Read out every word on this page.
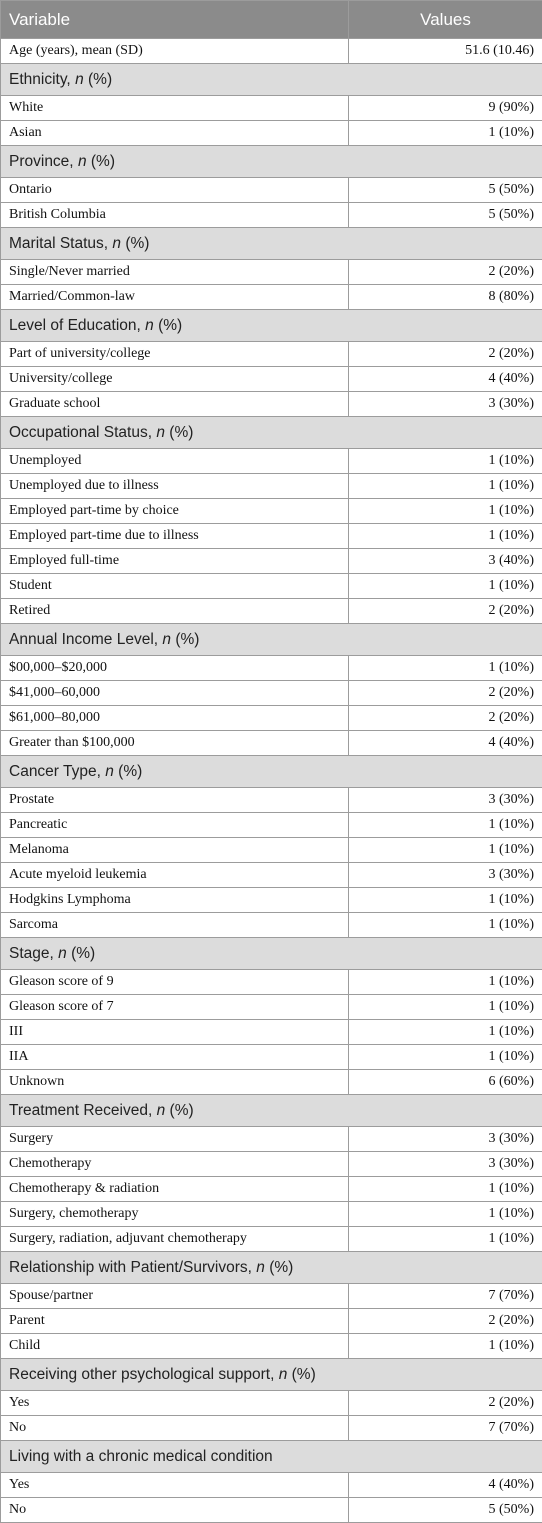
Variable	Values
Age (years), mean (SD)	51.6 (10.46)
Ethnicity, n (%)	
White	9 (90%)
Asian	1 (10%)
Province, n (%)	
Ontario	5 (50%)
British Columbia	5 (50%)
Marital Status, n (%)	
Single/Never married	2 (20%)
Married/Common-law	8 (80%)
Level of Education, n (%)	
Part of university/college	2 (20%)
University/college	4 (40%)
Graduate school	3 (30%)
Occupational Status, n (%)	
Unemployed	1 (10%)
Unemployed due to illness	1 (10%)
Employed part-time by choice	1 (10%)
Employed part-time due to illness	1 (10%)
Employed full-time	3 (40%)
Student	1 (10%)
Retired	2 (20%)
Annual Income Level, n (%)	
$00,000–$20,000	1 (10%)
$41,000–60,000	2 (20%)
$61,000–80,000	2 (20%)
Greater than $100,000	4 (40%)
Cancer Type, n (%)	
Prostate	3 (30%)
Pancreatic	1 (10%)
Melanoma	1 (10%)
Acute myeloid leukemia	3 (30%)
Hodgkins Lymphoma	1 (10%)
Sarcoma	1 (10%)
Stage, n (%)	
Gleason score of 9	1 (10%)
Gleason score of 7	1 (10%)
III	1 (10%)
IIA	1 (10%)
Unknown	6 (60%)
Treatment Received, n (%)	
Surgery	3 (30%)
Chemotherapy	3 (30%)
Chemotherapy & radiation	1 (10%)
Surgery, chemotherapy	1 (10%)
Surgery, radiation, adjuvant chemotherapy	1 (10%)
Relationship with Patient/Survivors, n (%)	
Spouse/partner	7 (70%)
Parent	2 (20%)
Child	1 (10%)
Receiving other psychological support, n (%)	
Yes	2 (20%)
No	7 (70%)
Living with a chronic medical condition	
Yes	4 (40%)
No	5 (50%)
